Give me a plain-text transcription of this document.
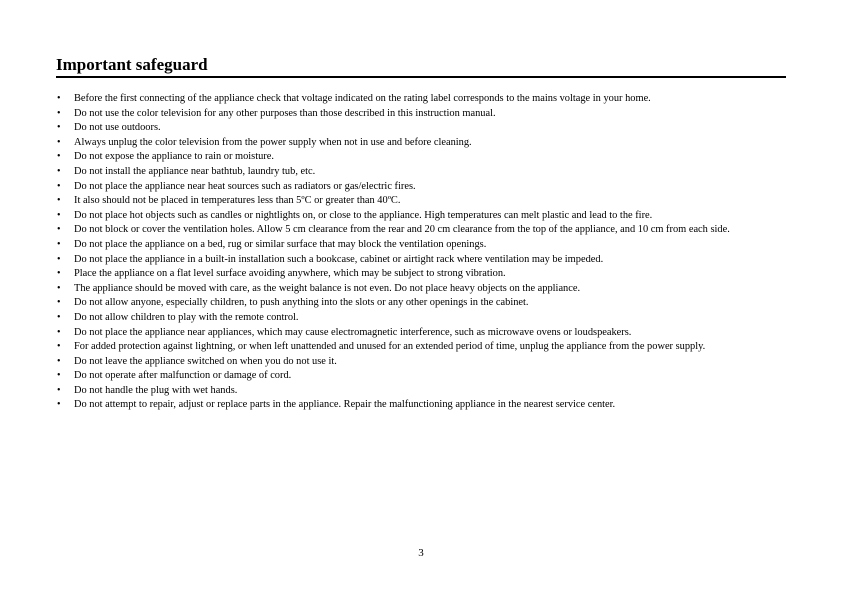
Important safeguard
•	Before the first connecting of the appliance check that voltage indicated on the rating label corresponds to the mains voltage in your home.
•	Do not use the color television for any other purposes than those described in this instruction manual.
•	Do not use outdoors.
•	Always unplug the color television from the power supply when not in use and before cleaning.
•	Do not expose the appliance to rain or moisture.
•	Do not install the appliance near bathtub, laundry tub, etc.
•	Do not place the appliance near heat sources such as radiators or gas/electric fires.
•	It also should not be placed in temperatures less than 5ºC or greater than 40ºC.
•	Do not place hot objects such as candles or nightlights on, or close to the appliance. High temperatures can melt plastic and lead to the fire.
•	Do not block or cover the ventilation holes. Allow 5 cm clearance from the rear and 20 cm clearance from the top of the appliance, and 10 cm from each side.
•	Do not place the appliance on a bed, rug or similar surface that may block the ventilation openings.
•	Do not place the appliance in a built-in installation such a bookcase, cabinet or airtight rack where ventilation may be impeded.
•	Place the appliance on a flat level surface avoiding anywhere, which may be subject to strong vibration.
•	The appliance should be moved with care, as the weight balance is not even. Do not place heavy objects on the appliance.
•	Do not allow anyone, especially children, to push anything into the slots or any other openings in the cabinet.
•	Do not allow children to play with the remote control.
•	Do not place the appliance near appliances, which may cause electromagnetic interference, such as microwave ovens or loudspeakers.
•	For added protection against lightning, or when left unattended and unused for an extended period of time, unplug the appliance from the power supply.
•	Do not leave the appliance switched on when you do not use it.
•	Do not operate after malfunction or damage of cord.
•	Do not handle the plug with wet hands.
•	Do not attempt to repair, adjust or replace parts in the appliance. Repair the malfunctioning appliance in the nearest service center.
3
